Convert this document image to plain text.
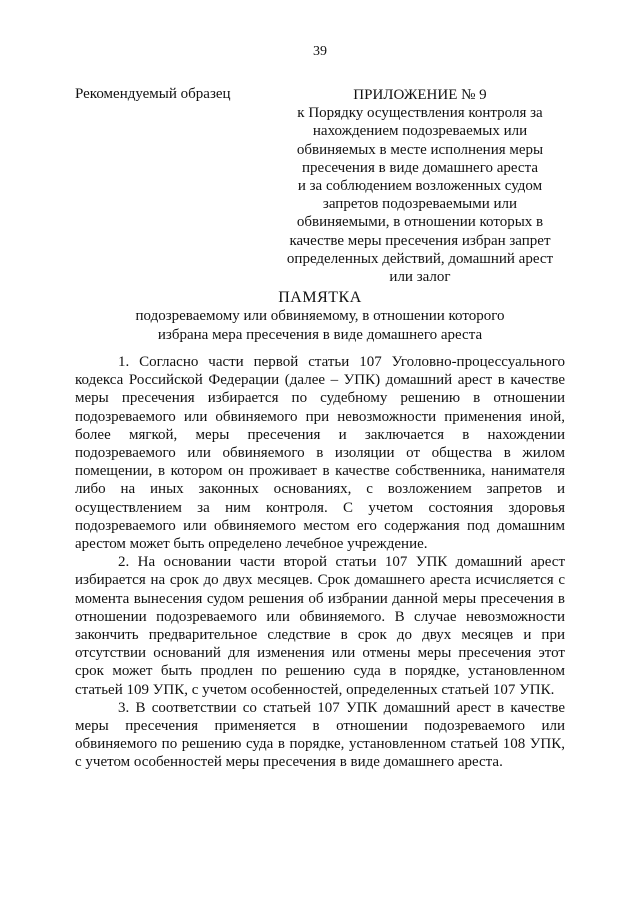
39
Рекомендуемый образец	ПРИЛОЖЕНИЕ № 9
к Порядку осуществления контроля за
нахождением подозреваемых или
обвиняемых в месте исполнения меры
пресечения в виде домашнего ареста
и за соблюдением возложенных судом
запретов подозреваемыми или
обвиняемыми, в отношении которых в
качестве меры пресечения избран запрет
определенных действий, домашний арест
или залог
ПАМЯТКА
подозреваемому или обвиняемому, в отношении которого
избрана мера пресечения в виде домашнего ареста

1. Согласно части первой статьи 107 Уголовно-процессуального кодекса Российской Федерации (далее – УПК) домашний арест в качестве меры пресечения избирается по судебному решению в отношении подозреваемого или обвиняемого при невозможности применения иной, более мягкой, меры пресечения и заключается в нахождении подозреваемого или обвиняемого в изоляции от общества в жилом помещении, в котором он проживает в качестве собственника, нанимателя либо на иных законных основаниях, с возложением запретов и осуществлением за ним контроля. С учетом состояния здоровья подозреваемого или обвиняемого местом его содержания под домашним арестом может быть определено лечебное учреждение.

2. На основании части второй статьи 107 УПК домашний арест избирается на срок до двух месяцев. Срок домашнего ареста исчисляется с момента вынесения судом решения об избрании данной меры пресечения в отношении подозреваемого или обвиняемого. В случае невозможности закончить предварительное следствие в срок до двух месяцев и при отсутствии оснований для изменения или отмены меры пресечения этот срок может быть продлен по решению суда в порядке, установленном статьей 109 УПК, с учетом особенностей, определенных статьей 107 УПК.

3. В соответствии со статьей 107 УПК домашний арест в качестве меры пресечения применяется в отношении подозреваемого или обвиняемого по решению суда в порядке, установленном статьей 108 УПК, с учетом особенностей меры пресечения в виде домашнего ареста.
